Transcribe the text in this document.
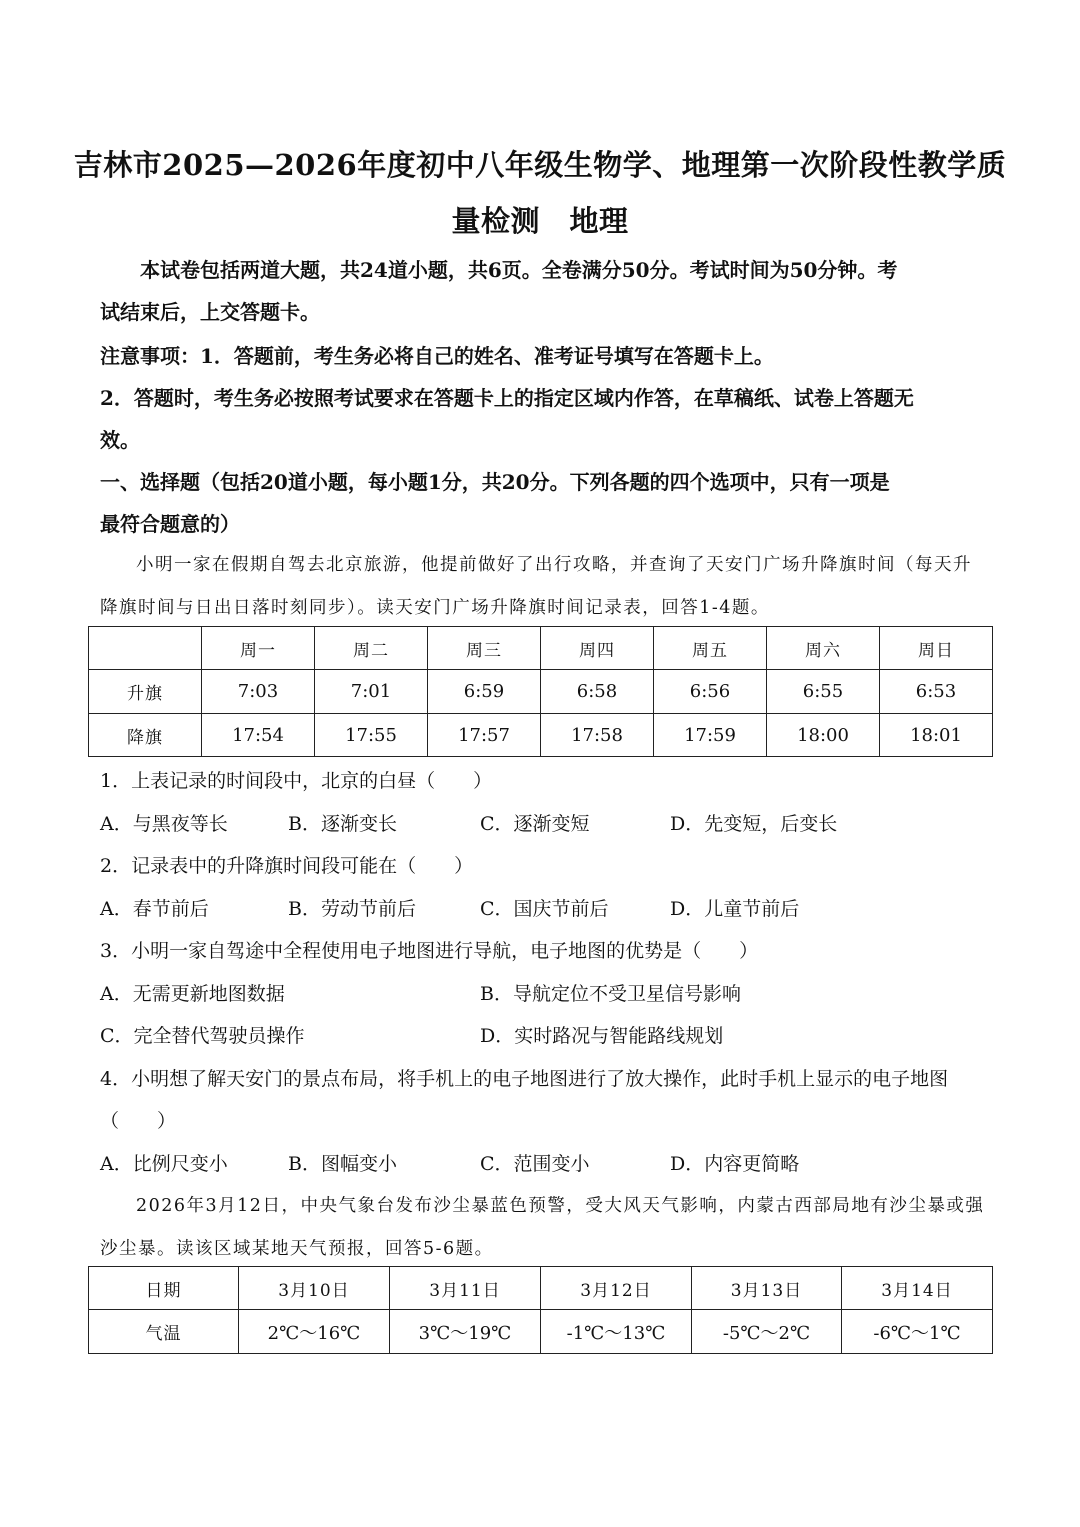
吉林市2025—2026年度初中八年级生物学、地理第一次阶段性教学质
量检测　地理
本试卷包括两道大题，共24道小题，共6页。全卷满分50分。考试时间为50分钟。考
试结束后，上交答题卡。
注意事项：1．答题前，考生务必将自己的姓名、准考证号填写在答题卡上。
2．答题时，考生务必按照考试要求在答题卡上的指定区域内作答，在草稿纸、试卷上答题无
效。
一、选择题（包括20道小题，每小题1分，共20分。下列各题的四个选项中，只有一项是
最符合题意的）
小明一家在假期自驾去北京旅游，他提前做好了出行攻略，并查询了天安门广场升降旗时间（每天升
降旗时间与日出日落时刻同步）。读天安门广场升降旗时间记录表，回答1-4题。
	周一	周二	周三	周四	周五	周六	周日
升旗	7:03	7:01	6:59	6:58	6:56	6:55	6:53
降旗	17:54	17:55	17:57	17:58	17:59	18:00	18:01
1．上表记录的时间段中，北京的白昼（　　）
A．与黑夜等长	B．逐渐变长	C．逐渐变短	D．先变短，后变长
2．记录表中的升降旗时间段可能在（　　）
A．春节前后	B．劳动节前后	C．国庆节前后	D．儿童节前后
3．小明一家自驾途中全程使用电子地图进行导航，电子地图的优势是（　　）
A．无需更新地图数据	B．导航定位不受卫星信号影响
C．完全替代驾驶员操作	D．实时路况与智能路线规划
4．小明想了解天安门的景点布局，将手机上的电子地图进行了放大操作，此时手机上显示的电子地图
（　　）
A．比例尺变小	B．图幅变小	C．范围变小	D．内容更简略
2026年3月12日，中央气象台发布沙尘暴蓝色预警，受大风天气影响，内蒙古西部局地有沙尘暴或强
沙尘暴。读该区域某地天气预报，回答5-6题。
日期	3月10日	3月11日	3月12日	3月13日	3月14日
气温	2℃～16℃	3℃～19℃	-1℃～13℃	-5℃～2℃	-6℃～1℃
